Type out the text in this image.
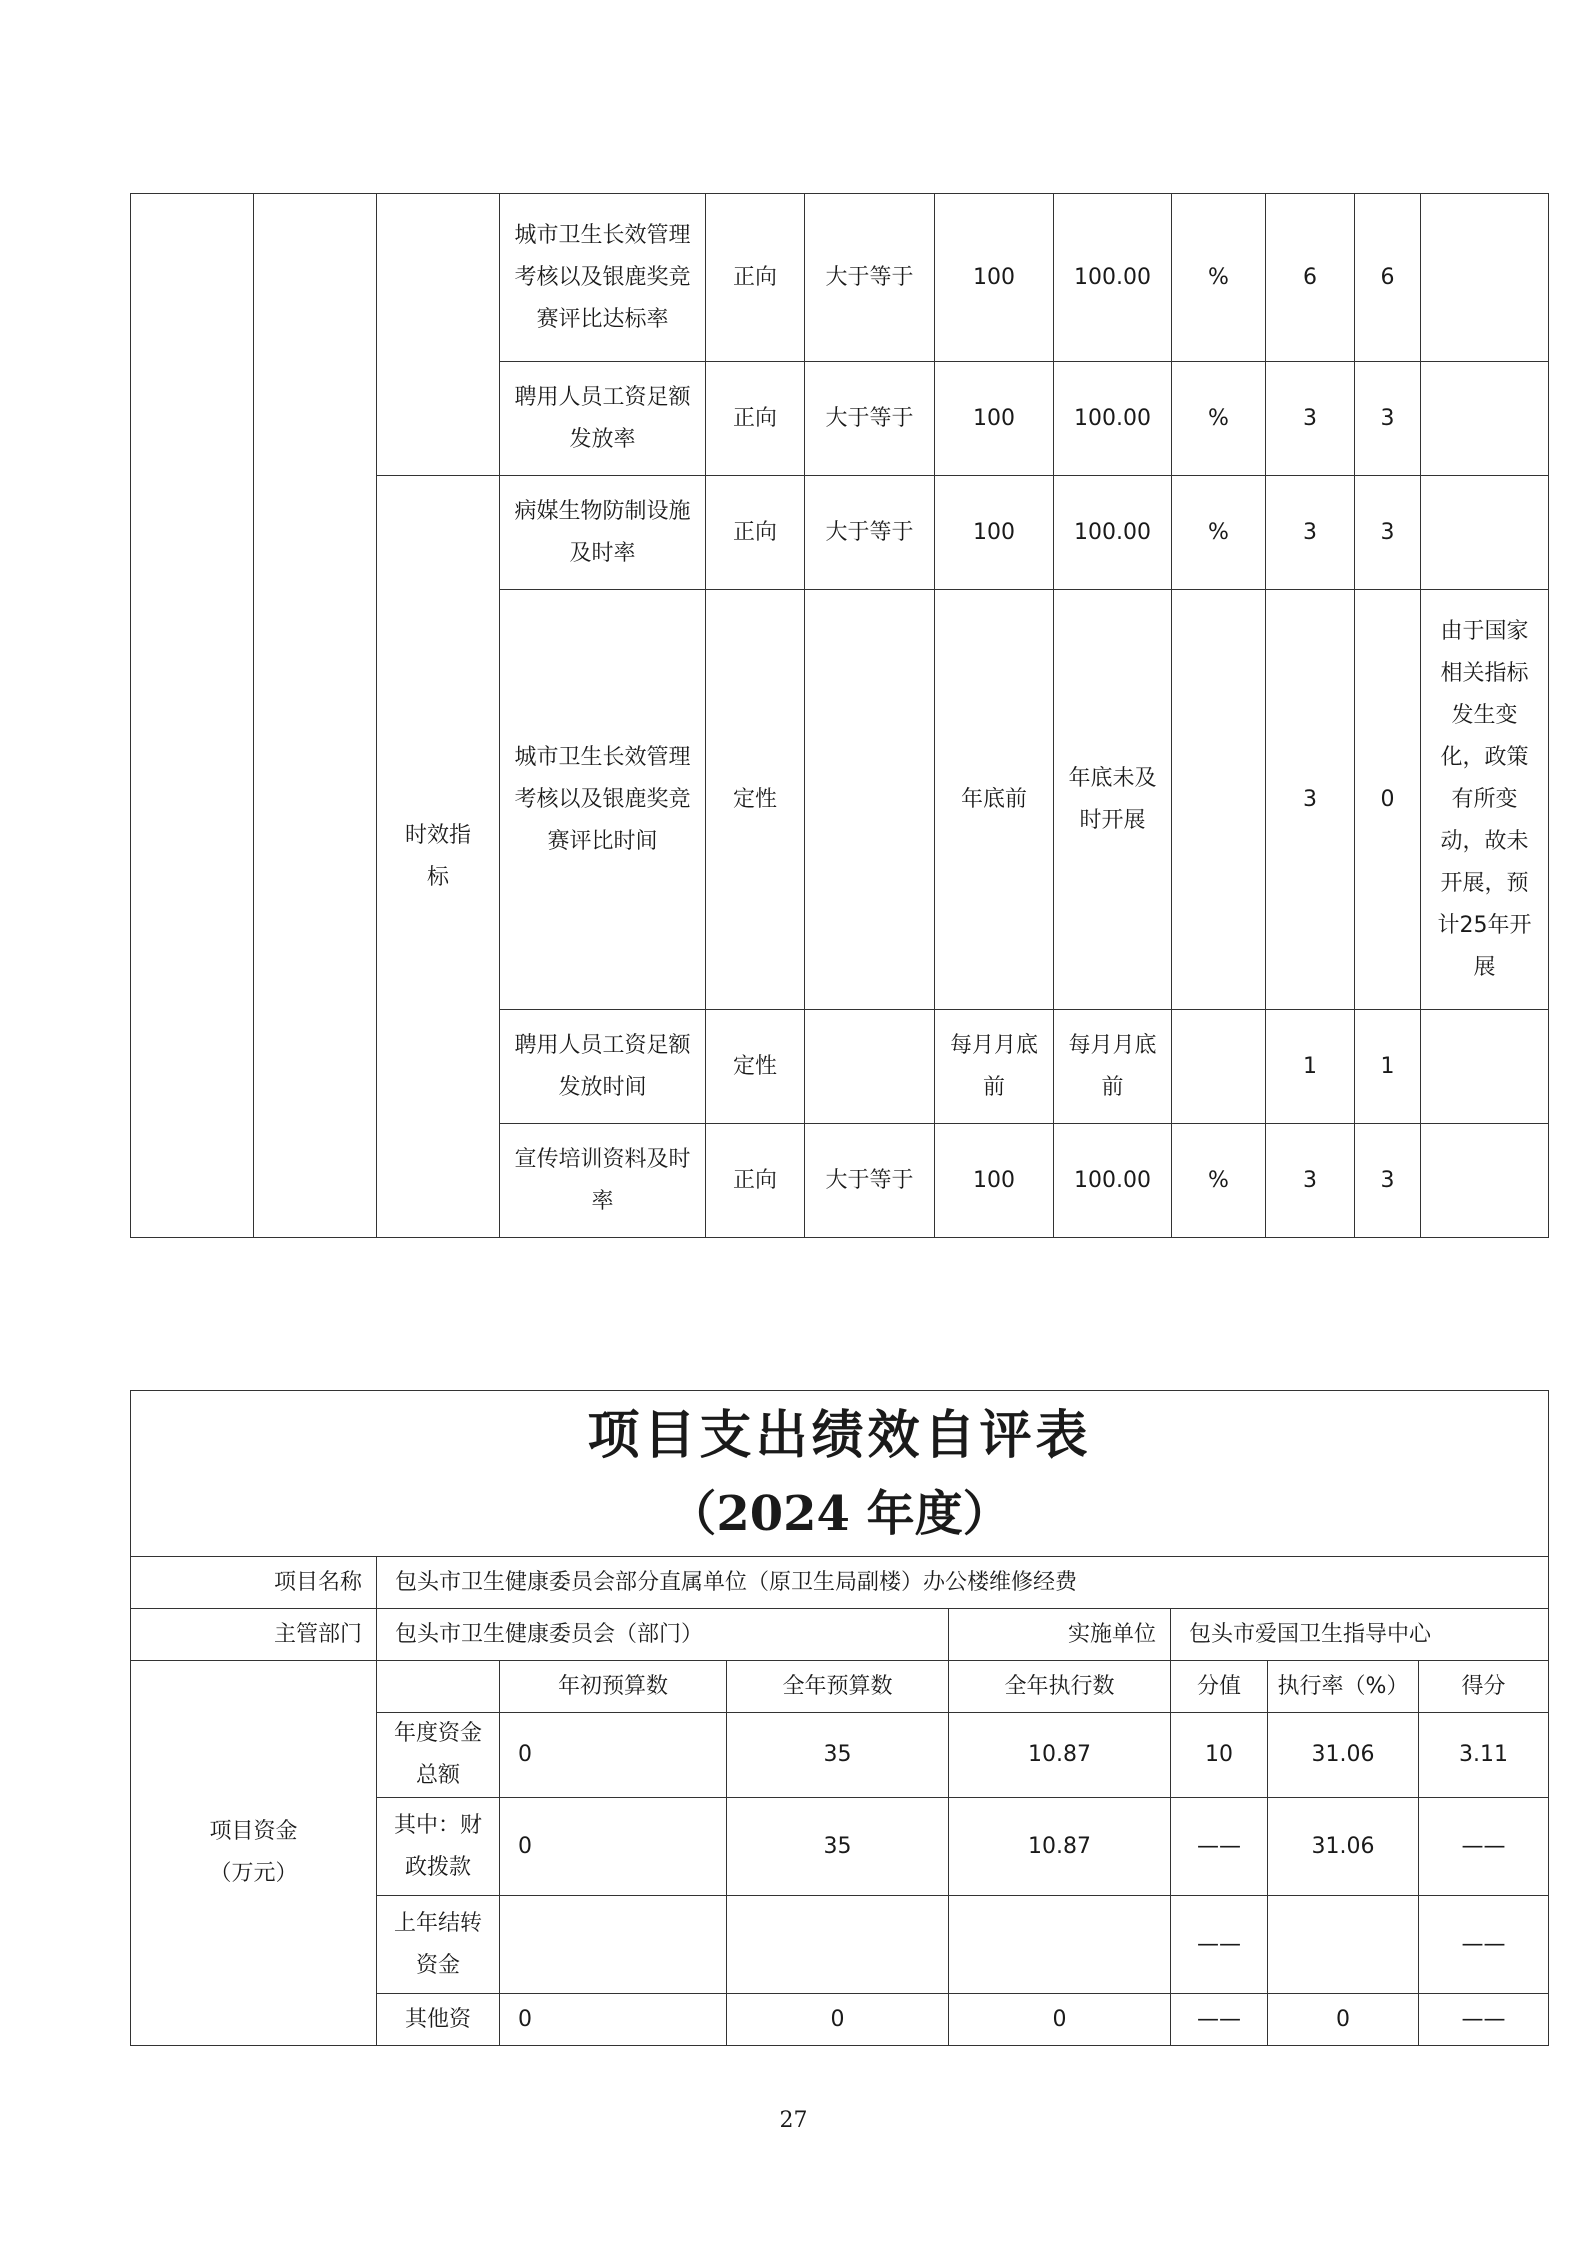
			城市卫生长效管理考核以及银鹿奖竞赛评比达标率	正向	大于等于	100	100.00	%	6	6	
			聘用人员工资足额发放率	正向	大于等于	100	100.00	%	3	3	
		时效指标	病媒生物防制设施及时率	正向	大于等于	100	100.00	%	3	3	
			城市卫生长效管理考核以及银鹿奖竞赛评比时间	定性		年底前	年底未及时开展		3	0	由于国家相关指标发生变化，政策有所变动，故未开展，预计25年开展
			聘用人员工资足额发放时间	定性		每月月底前	每月月底前		1	1	
			宣传培训资料及时率	正向	大于等于	100	100.00	%	3	3	
项目支出绩效自评表
（2024 年度）							

项目名称	包头市卫生健康委员会部分直属单位（原卫生局副楼）办公楼维修经费						
主管部门	包头市卫生健康委员会（部门）			实施单位	包头市爱国卫生指导中心		
项目资金（万元）		年初预算数	全年预算数	全年执行数	分值	执行率（%）	得分
	年度资金总额	0	35	10.87	10	31.06	3.11
	其中：财政拨款	0	35	10.87	——	31.06	——
	上年结转资金				——		——
	其他资	0	0	0	——	0	——
27
